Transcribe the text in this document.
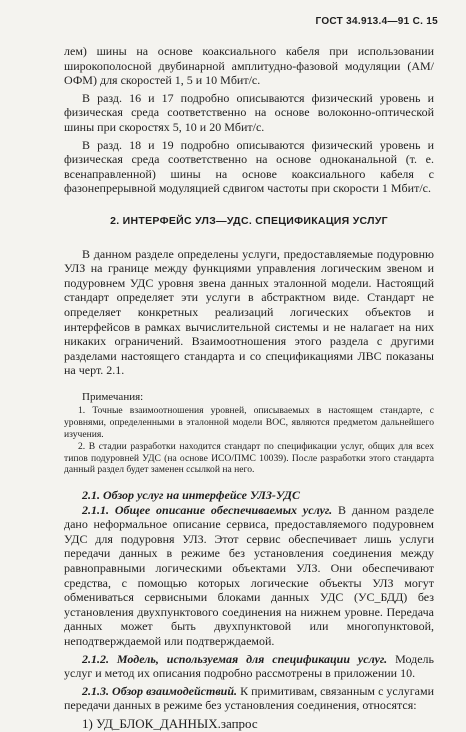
ГОСТ 34.913.4—91 С. 15

лем) шины на основе коаксиального кабеля при использовании широкополосной двубинарной амплитудно-фазовой модуляции (АМ/ОФМ) для скоростей 1, 5 и 10 Мбит/с.

В разд. 16 и 17 подробно описываются физический уровень и физическая среда соответственно на основе волоконно-оптической шины при скоростях 5, 10 и 20 Мбит/с.

В разд. 18 и 19 подробно описываются физический уровень и физическая среда соответственно на основе одноканальной (т. е. всенаправленной) шины на основе коаксиального кабеля с фазонепрерывной модуляцией сдвигом частоты при скорости 1 Мбит/с.

2. ИНТЕРФЕЙС УЛЗ—УДС. СПЕЦИФИКАЦИЯ УСЛУГ

В данном разделе определены услуги, предоставляемые подуровню УЛЗ на границе между функциями управления логическим звеном и подуровнем УДС уровня звена данных эталонной модели. Настоящий стандарт определяет эти услуги в абстрактном виде. Стандарт не определяет конкретных реализаций логических объектов и интерфейсов в рамках вычислительной системы и не налагает на них никаких ограничений. Взаимоотношения этого раздела с другими разделами настоящего стандарта и со спецификациями ЛВС показаны на черт. 2.1.

Примечания:

1. Точные взаимоотношения уровней, описываемых в настоящем стандарте, с уровнями, определенными в эталонной модели ВОС, являются предметом дальнейшего изучения.

2. В стадии разработки находится стандарт по спецификации услуг, общих для всех типов подуровней УДС (на основе ИСО/ПМС 10039). После разработки этого стандарта данный раздел будет заменен ссылкой на него.

2.1. Обзор услуг на интерфейсе УЛЗ-УДС

2.1.1. Общее описание обеспечиваемых услуг. В данном разделе дано неформальное описание сервиса, предоставляемого подуровнем УДС для подуровня УЛЗ. Этот сервис обеспечивает лишь услуги передачи данных в режиме без установления соединения между равноправными логическими объектами УЛЗ. Они обеспечивают средства, с помощью которых логические объекты УЛЗ могут обмениваться сервисными блоками данных УДС (УС_БДД) без установления двухпунктового соединения на нижнем уровне. Передача данных может быть двухпунктовой или многопунктовой, неподтверждаемой или подтверждаемой.

2.1.2. Модель, используемая для спецификации услуг. Модель услуг и метод их описания подробно рассмотрены в приложении 10.

2.1.3. Обзор взаимодействий. К примитивам, связанным с услугами передачи данных в режиме без установления соединения, относятся:

1) УД_БЛОК_ДАННЫХ.запрос
